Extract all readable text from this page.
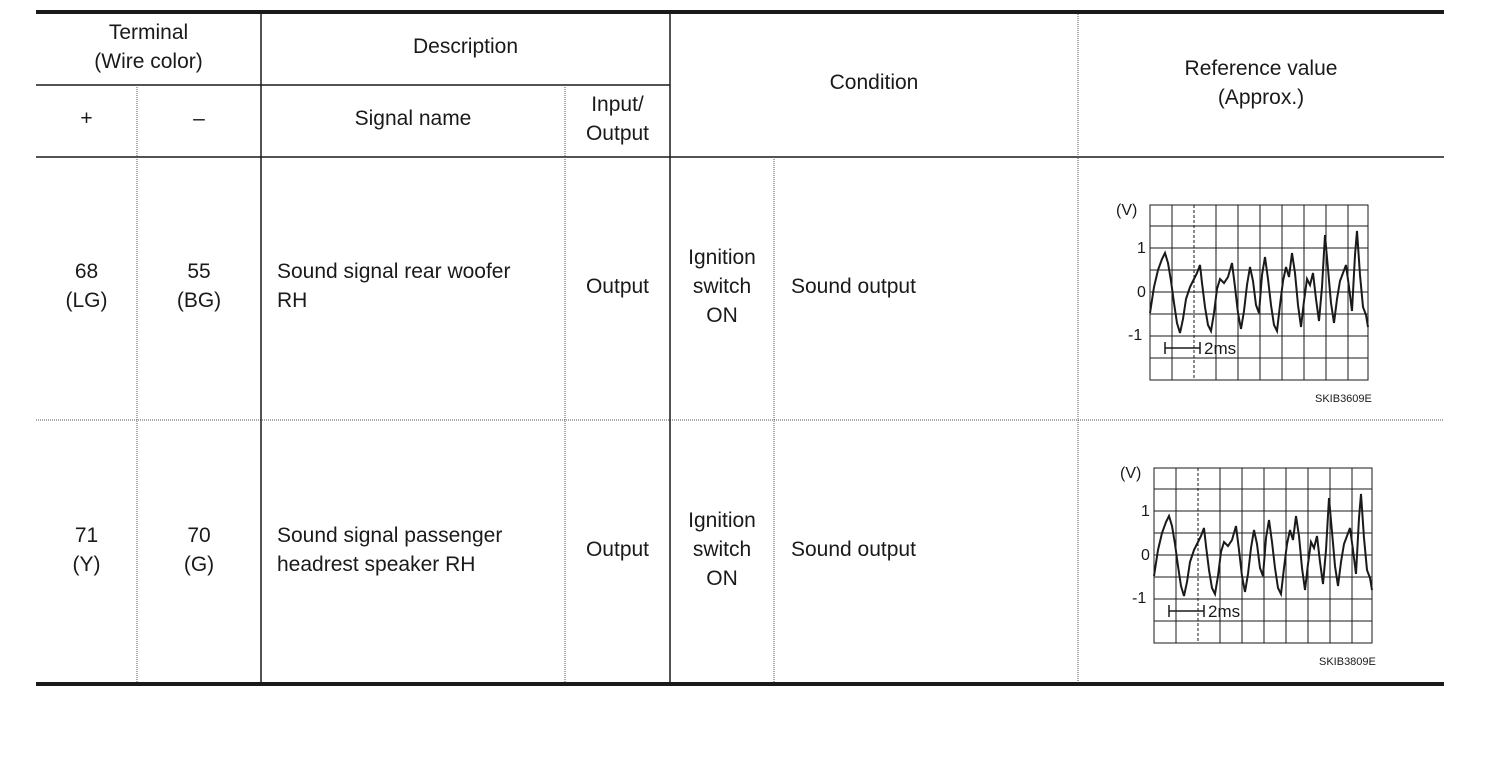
Terminal
(Wire color)
Description
+	–	Signal name
Input/
Output
Condition
Reference value
(Approx.)
68
(LG)
55
(BG)
Sound signal rear woofer
RH
Output
Ignition
switch
ON
Sound output
71
(Y)
70
(G)
Sound signal passenger
headrest speaker RH
Output
Ignition
switch
ON
Sound output
(V)
1
0
-1
2ms
SKIB3609E
(V)
1
0
-1
2ms
SKIB3809E
